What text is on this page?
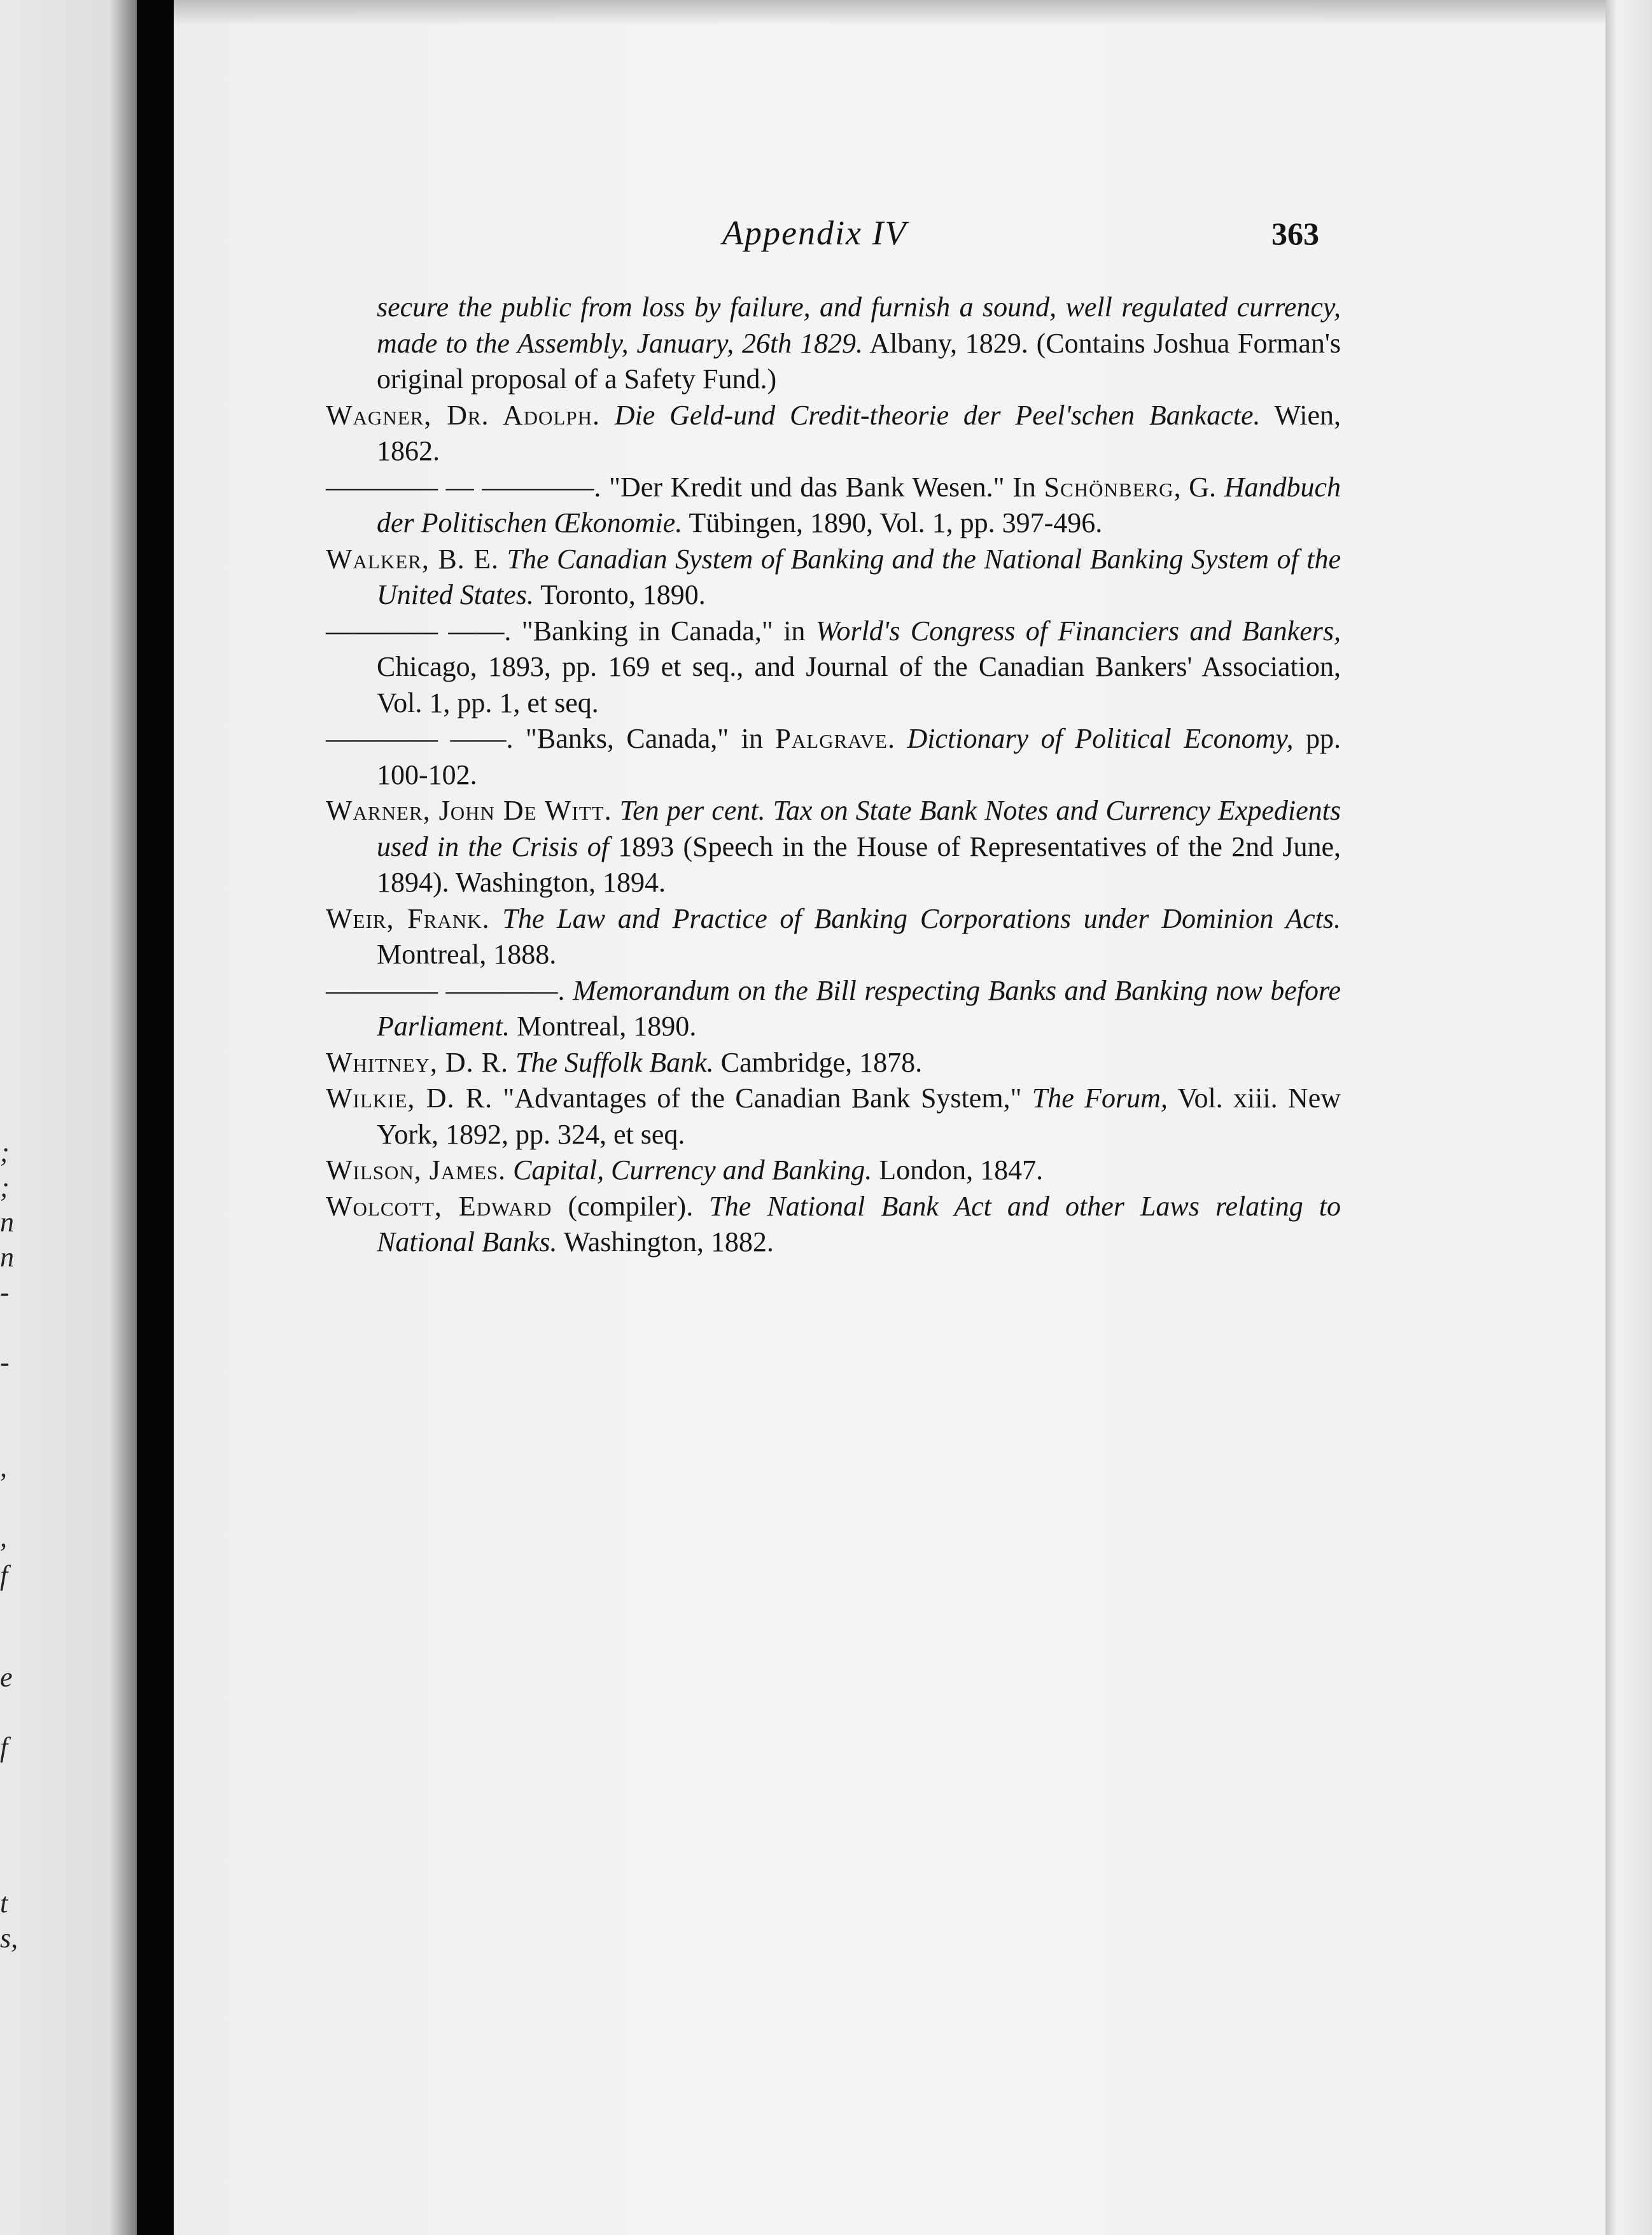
;
;
n
n
-
-
,
,
f
e
f
t
s,
Appendix IV	363
secure the public from loss by failure, and furnish a sound, well regulated currency, made to the Assembly, January, 26th 1829. Albany, 1829. (Contains Joshua Forman's original proposal of a Safety Fund.)
Wagner, Dr. Adolph. Die Geld-und Credit-theorie der Peel'schen Bankacte. Wien, 1862.
———— — ————. "Der Kredit und das Bank Wesen." In Schönberg, G. Handbuch der Politischen Œkonomie. Tübingen, 1890, Vol. 1, pp. 397-496.
Walker, B. E. The Canadian System of Banking and the National Banking System of the United States. Toronto, 1890.
———— ——. "Banking in Canada," in World's Congress of Financiers and Bankers, Chicago, 1893, pp. 169 et seq., and Journal of the Canadian Bankers' Association, Vol. 1, pp. 1, et seq.
———— ——. "Banks, Canada," in Palgrave. Dictionary of Political Economy, pp. 100-102.
Warner, John De Witt. Ten per cent. Tax on State Bank Notes and Currency Expedients used in the Crisis of 1893 (Speech in the House of Representatives of the 2nd June, 1894). Washington, 1894.
Weir, Frank. The Law and Practice of Banking Corporations under Dominion Acts. Montreal, 1888.
———— ————. Memorandum on the Bill respecting Banks and Banking now before Parliament. Montreal, 1890.
Whitney, D. R. The Suffolk Bank. Cambridge, 1878.
Wilkie, D. R. "Advantages of the Canadian Bank System," The Forum, Vol. xiii. New York, 1892, pp. 324, et seq.
Wilson, James. Capital, Currency and Banking. London, 1847.
Wolcott, Edward (compiler). The National Bank Act and other Laws relating to National Banks. Washington, 1882.
